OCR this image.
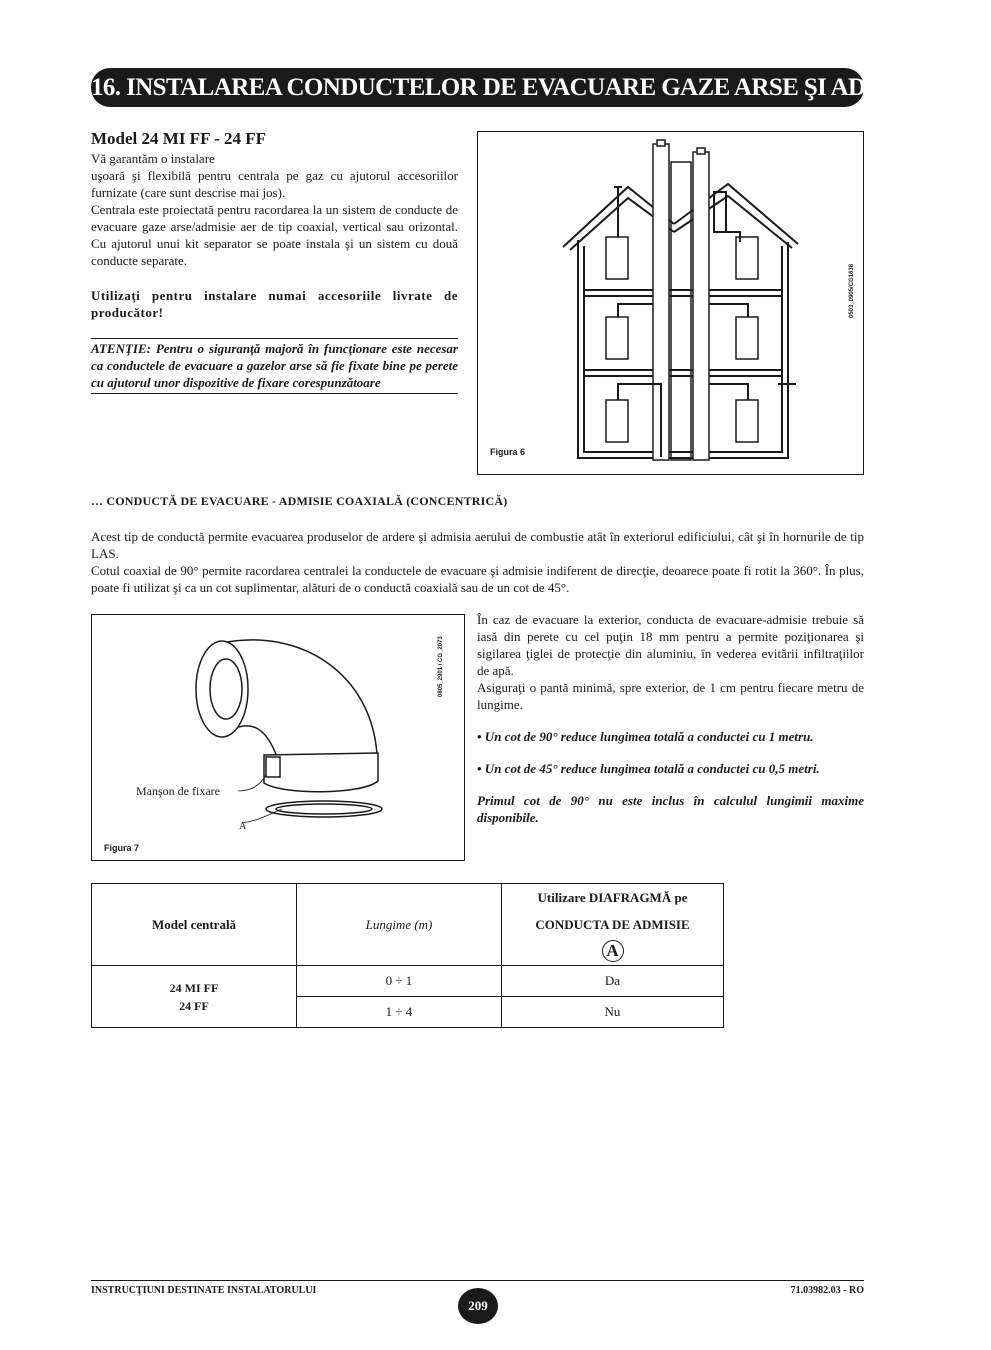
16. INSTALAREA CONDUCTELOR DE EVACUARE GAZE ARSE ŞI ADMISIE AER
Model 24 MI FF - 24 FF

Vă garantăm o instalare

uşoară şi flexibilă pentru centrala pe gaz cu ajutorul accesoriilor furnizate (care sunt descrise mai jos).

Centrala este proiectată pentru racordarea la un sistem de conducte de evacuare gaze arse/admisie aer de tip coaxial, vertical sau orizontal. Cu ajutorul unui kit separator se poate instala şi un sistem cu două conducte separate.

Utilizaţi pentru instalare numai accesoriile livrate de producător!

ATENŢIE: Pentru o siguranţă majoră în funcţionare este necesar ca conductele de evacuare a gazelor arse să fie fixate bine pe perete cu ajutorul unor dispozitive de fixare corespunzătoare

Figura 6
0503_0905/CG1638
… CONDUCTĂ DE EVACUARE - ADMISIE COAXIALĂ (CONCENTRICĂ)

Acest tip de conductă permite evacuarea produselor de ardere şi admisia aerului de combustie atât în exteriorul edificiului, cât şi în hornurile de tip LAS.

Cotul coaxial de 90° permite racordarea centralei la conductele de evacuare şi admisie indiferent de direcţie, deoarece poate fi rotit la 360°. În plus, poate fi utilizat şi ca un cot suplimentar, alături de o conductă coaxială sau de un cot de 45°.

Manşon de fixare
A
Figura 7
0805_2901 / CG_2073

În caz de evacuare la exterior, conducta de evacuare-admisie trebuie să iasă din perete cu cel puţin 18 mm pentru a permite poziţionarea şi sigilarea ţiglei de protecţie din aluminiu, în vederea evitării infiltraţiilor de apă.

Asiguraţi o pantă minimă, spre exterior, de 1 cm pentru fiecare metru de lungime.

• Un cot de 90° reduce lungimea totală a conductei cu 1 metru.

• Un cot de 45° reduce lungimea totală a conductei cu 0,5 metri.

Primul cot de 90° nu este inclus în calculul lungimii maxime disponibile.

Model centrală	Lungime (m)	Utilizare DIAFRAGMĂ pe
CONDUCTA DE ADMISIE
A

24 MI FF
24 FF	0 ÷ 1	Da
	1 ÷ 4	Nu
INSTRUCŢIUNI DESTINATE INSTALATORULUI
209
71.03982.03 - RO
